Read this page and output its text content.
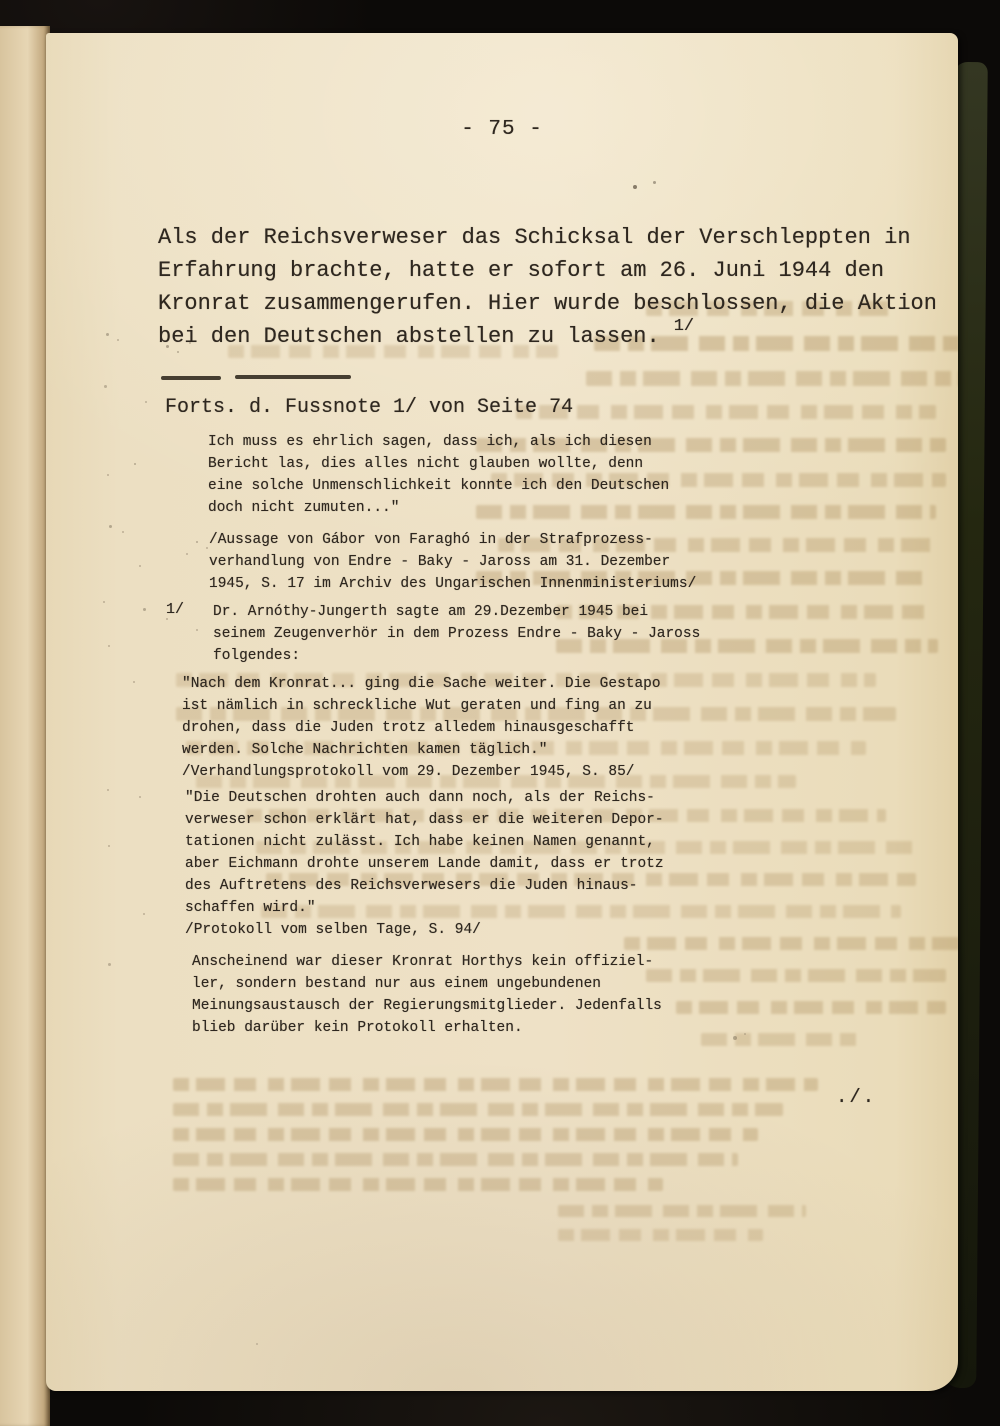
- 75 -
Als der Reichsverweser das Schicksal der Verschleppten in
Erfahrung brachte, hatte er sofort am 26. Juni 1944 den
Kronrat zusammengerufen. Hier wurde beschlossen, die Aktion
bei den Deutschen abstellen zu lassen. $^{1/}$
Forts. d. Fussnote 1/ von Seite 74
Ich muss es ehrlich sagen, dass ich, als ich diesen
Bericht las, dies alles nicht glauben wollte, denn
eine solche Unmenschlichkeit konnte ich den Deutschen
doch nicht zumuten..."
/Aussage von Gábor von Faraghó in der Strafprozess-
verhandlung von Endre - Baky - Jaross am 31. Dezember
1945, S. 17 im Archiv des Ungarischen Innenministeriums/
1/ Dr. Arnóthy-Jungerth sagte am 29.Dezember 1945 bei
seinem Zeugenverhör in dem Prozess Endre - Baky - Jaross
folgendes:
"Nach dem Kronrat... ging die Sache weiter. Die Gestapo
ist nämlich in schreckliche Wut geraten und fing an zu
drohen, dass die Juden trotz alledem hinausgeschafft
werden. Solche Nachrichten kamen täglich."
/Verhandlungsprotokoll vom 29. Dezember 1945, S. 85/
"Die Deutschen drohten auch dann noch, als der Reichs-
verweser schon erklärt hat, dass er die weiteren Depor-
tationen nicht zulässt. Ich habe keinen Namen genannt,
aber Eichmann drohte unserem Lande damit, dass er trotz
des Auftretens des Reichsverwesers die Juden hinaus-
schaffen wird."
/Protokoll vom selben Tage, S. 94/
Anscheinend war dieser Kronrat Horthys kein offiziel-
ler, sondern bestand nur aus einem ungebundenen
Meinungsaustausch der Regierungsmitglieder. Jedenfalls
blieb darüber kein Protokoll erhalten.
./.
